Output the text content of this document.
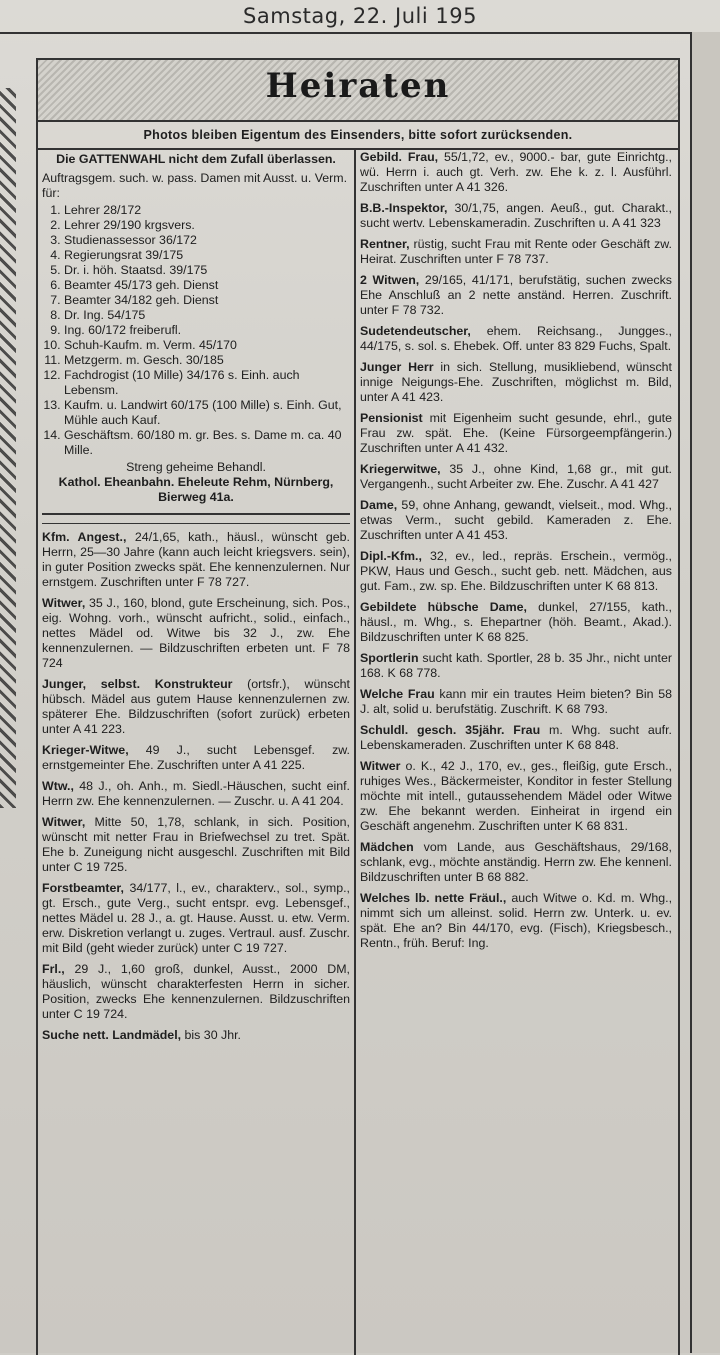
Samstag, 22. Juli 195
Heiraten
Photos bleiben Eigentum des Einsenders, bitte sofort zurücksenden.
Die GATTENWAHL nicht dem Zufall überlassen.
Auftragsgem. such. w. pass. Damen mit Ausst. u. Verm. für:
1. Lehrer 28/172
2. Lehrer 29/190 krgsvers.
3. Studienassessor 36/172
4. Regierungsrat 39/175
5. Dr. i. höh. Staatsd. 39/175
6. Beamter 45/173 geh. Dienst
7. Beamter 34/182 geh. Dienst
8. Dr. Ing. 54/175
9. Ing. 60/172 freiberufl.
10. Schuh-Kaufm. m. Verm. 45/170
11. Metzgerm. m. Gesch. 30/185
12. Fachdrogist (10 Mille) 34/176 s. Einh. auch Lebensm.
13. Kaufm. u. Landwirt 60/175 (100 Mille) s. Einh. Gut, Mühle auch Kauf.
14. Geschäftsm. 60/180 m. gr. Bes. s. Dame m. ca. 40 Mille.
Streng geheime Behandl.
Kathol. Eheanbahn. Eheleute Rehm, Nürnberg, Bierweg 41a.

Kfm. Angest., 24/1,65, kath., häusl., wünscht geb. Herrn, 25—30 Jahre (kann auch leicht kriegsvers. sein), in guter Position zwecks spät. Ehe kennenzulernen. Nur ernstgem. Zuschriften unter F 78 727.

Witwer, 35 J., 160, blond, gute Erscheinung, sich. Pos., eig. Wohng. vorh., wünscht aufricht., solid., einfach., nettes Mädel od. Witwe bis 32 J., zw. Ehe kennenzulernen. — Bildzuschriften erbeten unt. F 78 724

Junger, selbst. Konstrukteur (ortsfr.), wünscht hübsch. Mädel aus gutem Hause kennenzulernen zw. späterer Ehe. Bildzuschriften (sofort zurück) erbeten unter A 41 223.

Krieger-Witwe, 49 J., sucht Lebensgef. zw. ernstgemeinter Ehe. Zuschriften unter A 41 225.

Wtw., 48 J., oh. Anh., m. Siedl.-Häuschen, sucht einf. Herrn zw. Ehe kennenzulernen. — Zuschr. u. A 41 204.

Witwer, Mitte 50, 1,78, schlank, in sich. Position, wünscht mit netter Frau in Briefwechsel zu tret. Spät. Ehe b. Zuneigung nicht ausgeschl. Zuschriften mit Bild unter C 19 725.

Forstbeamter, 34/177, l., ev., charakterv., sol., symp., gt. Ersch., gute Verg., sucht entspr. evg. Lebensgef., nettes Mädel u. 28 J., a. gt. Hause. Ausst. u. etw. Verm. erw. Diskretion verlangt u. zuges. Vertraul. ausf. Zuschr. mit Bild (geht wieder zurück) unter C 19 727.

Frl., 29 J., 1,60 groß, dunkel, Ausst., 2000 DM, häuslich, wünscht charakterfesten Herrn in sicher. Position, zwecks Ehe kennenzulernen. Bildzuschriften unter C 19 724.

Suche nett. Landmädel, bis 30 Jhr.

Gebild. Frau, 55/1,72, ev., 9000.- bar, gute Einrichtg., wü. Herrn i. auch gt. Verh. zw. Ehe k. z. l. Ausführl. Zuschriften unter A 41 326.

B.B.-Inspektor, 30/1,75, angen. Aeuß., gut. Charakt., sucht wertv. Lebenskameradin. Zuschriften u. A 41 323

Rentner, rüstig, sucht Frau mit Rente oder Geschäft zw. Heirat. Zuschriften unter F 78 737.

2 Witwen, 29/165, 41/171, berufstätig, suchen zwecks Ehe Anschluß an 2 nette anständ. Herren. Zuschrift. unter F 78 732.

Sudetendeutscher, ehem. Reichsang., Jungges., 44/175, s. sol. s. Ehebek. Off. unter 83 829 Fuchs, Spalt.

Junger Herr in sich. Stellung, musikliebend, wünscht innige Neigungs-Ehe. Zuschriften, möglichst m. Bild, unter A 41 423.

Pensionist mit Eigenheim sucht gesunde, ehrl., gute Frau zw. spät. Ehe. (Keine Fürsorgeempfängerin.) Zuschriften unter A 41 432.

Kriegerwitwe, 35 J., ohne Kind, 1,68 gr., mit gut. Vergangenh., sucht Arbeiter zw. Ehe. Zuschr. A 41 427

Dame, 59, ohne Anhang, gewandt, vielseit., mod. Whg., etwas Verm., sucht gebild. Kameraden z. Ehe. Zuschriften unter A 41 453.

Dipl.-Kfm., 32, ev., led., repräs. Erschein., vermög., PKW, Haus und Gesch., sucht geb. nett. Mädchen, aus gut. Fam., zw. sp. Ehe. Bildzuschriften unter K 68 813.

Gebildete hübsche Dame, dunkel, 27/155, kath., häusl., m. Whg., s. Ehepartner (höh. Beamt., Akad.). Bildzuschriften unter K 68 825.

Sportlerin sucht kath. Sportler, 28 b. 35 Jhr., nicht unter 168. K 68 778.

Welche Frau kann mir ein trautes Heim bieten? Bin 58 J. alt, solid u. berufstätig. Zuschrift. K 68 793.

Schuldl. gesch. 35jähr. Frau m. Whg. sucht aufr. Lebenskameraden. Zuschriften unter K 68 848.

Witwer o. K., 42 J., 170, ev., ges., fleißig, gute Ersch., ruhiges Wes., Bäckermeister, Konditor in fester Stellung möchte mit intell., gutaussehendem Mädel oder Witwe zw. Ehe bekannt werden. Einheirat in irgend ein Geschäft angenehm. Zuschriften unter K 68 831.

Mädchen vom Lande, aus Geschäftshaus, 29/168, schlank, evg., möchte anständig. Herrn zw. Ehe kennenl. Bildzuschriften unter B 68 882.

Welches lb. nette Fräul., auch Witwe o. Kd. m. Whg., nimmt sich um alleinst. solid. Herrn zw. Unterk. u. ev. spät. Ehe an? Bin 44/170, evg. (Fisch), Kriegsbesch., Rentn., früh. Beruf: Ing.
